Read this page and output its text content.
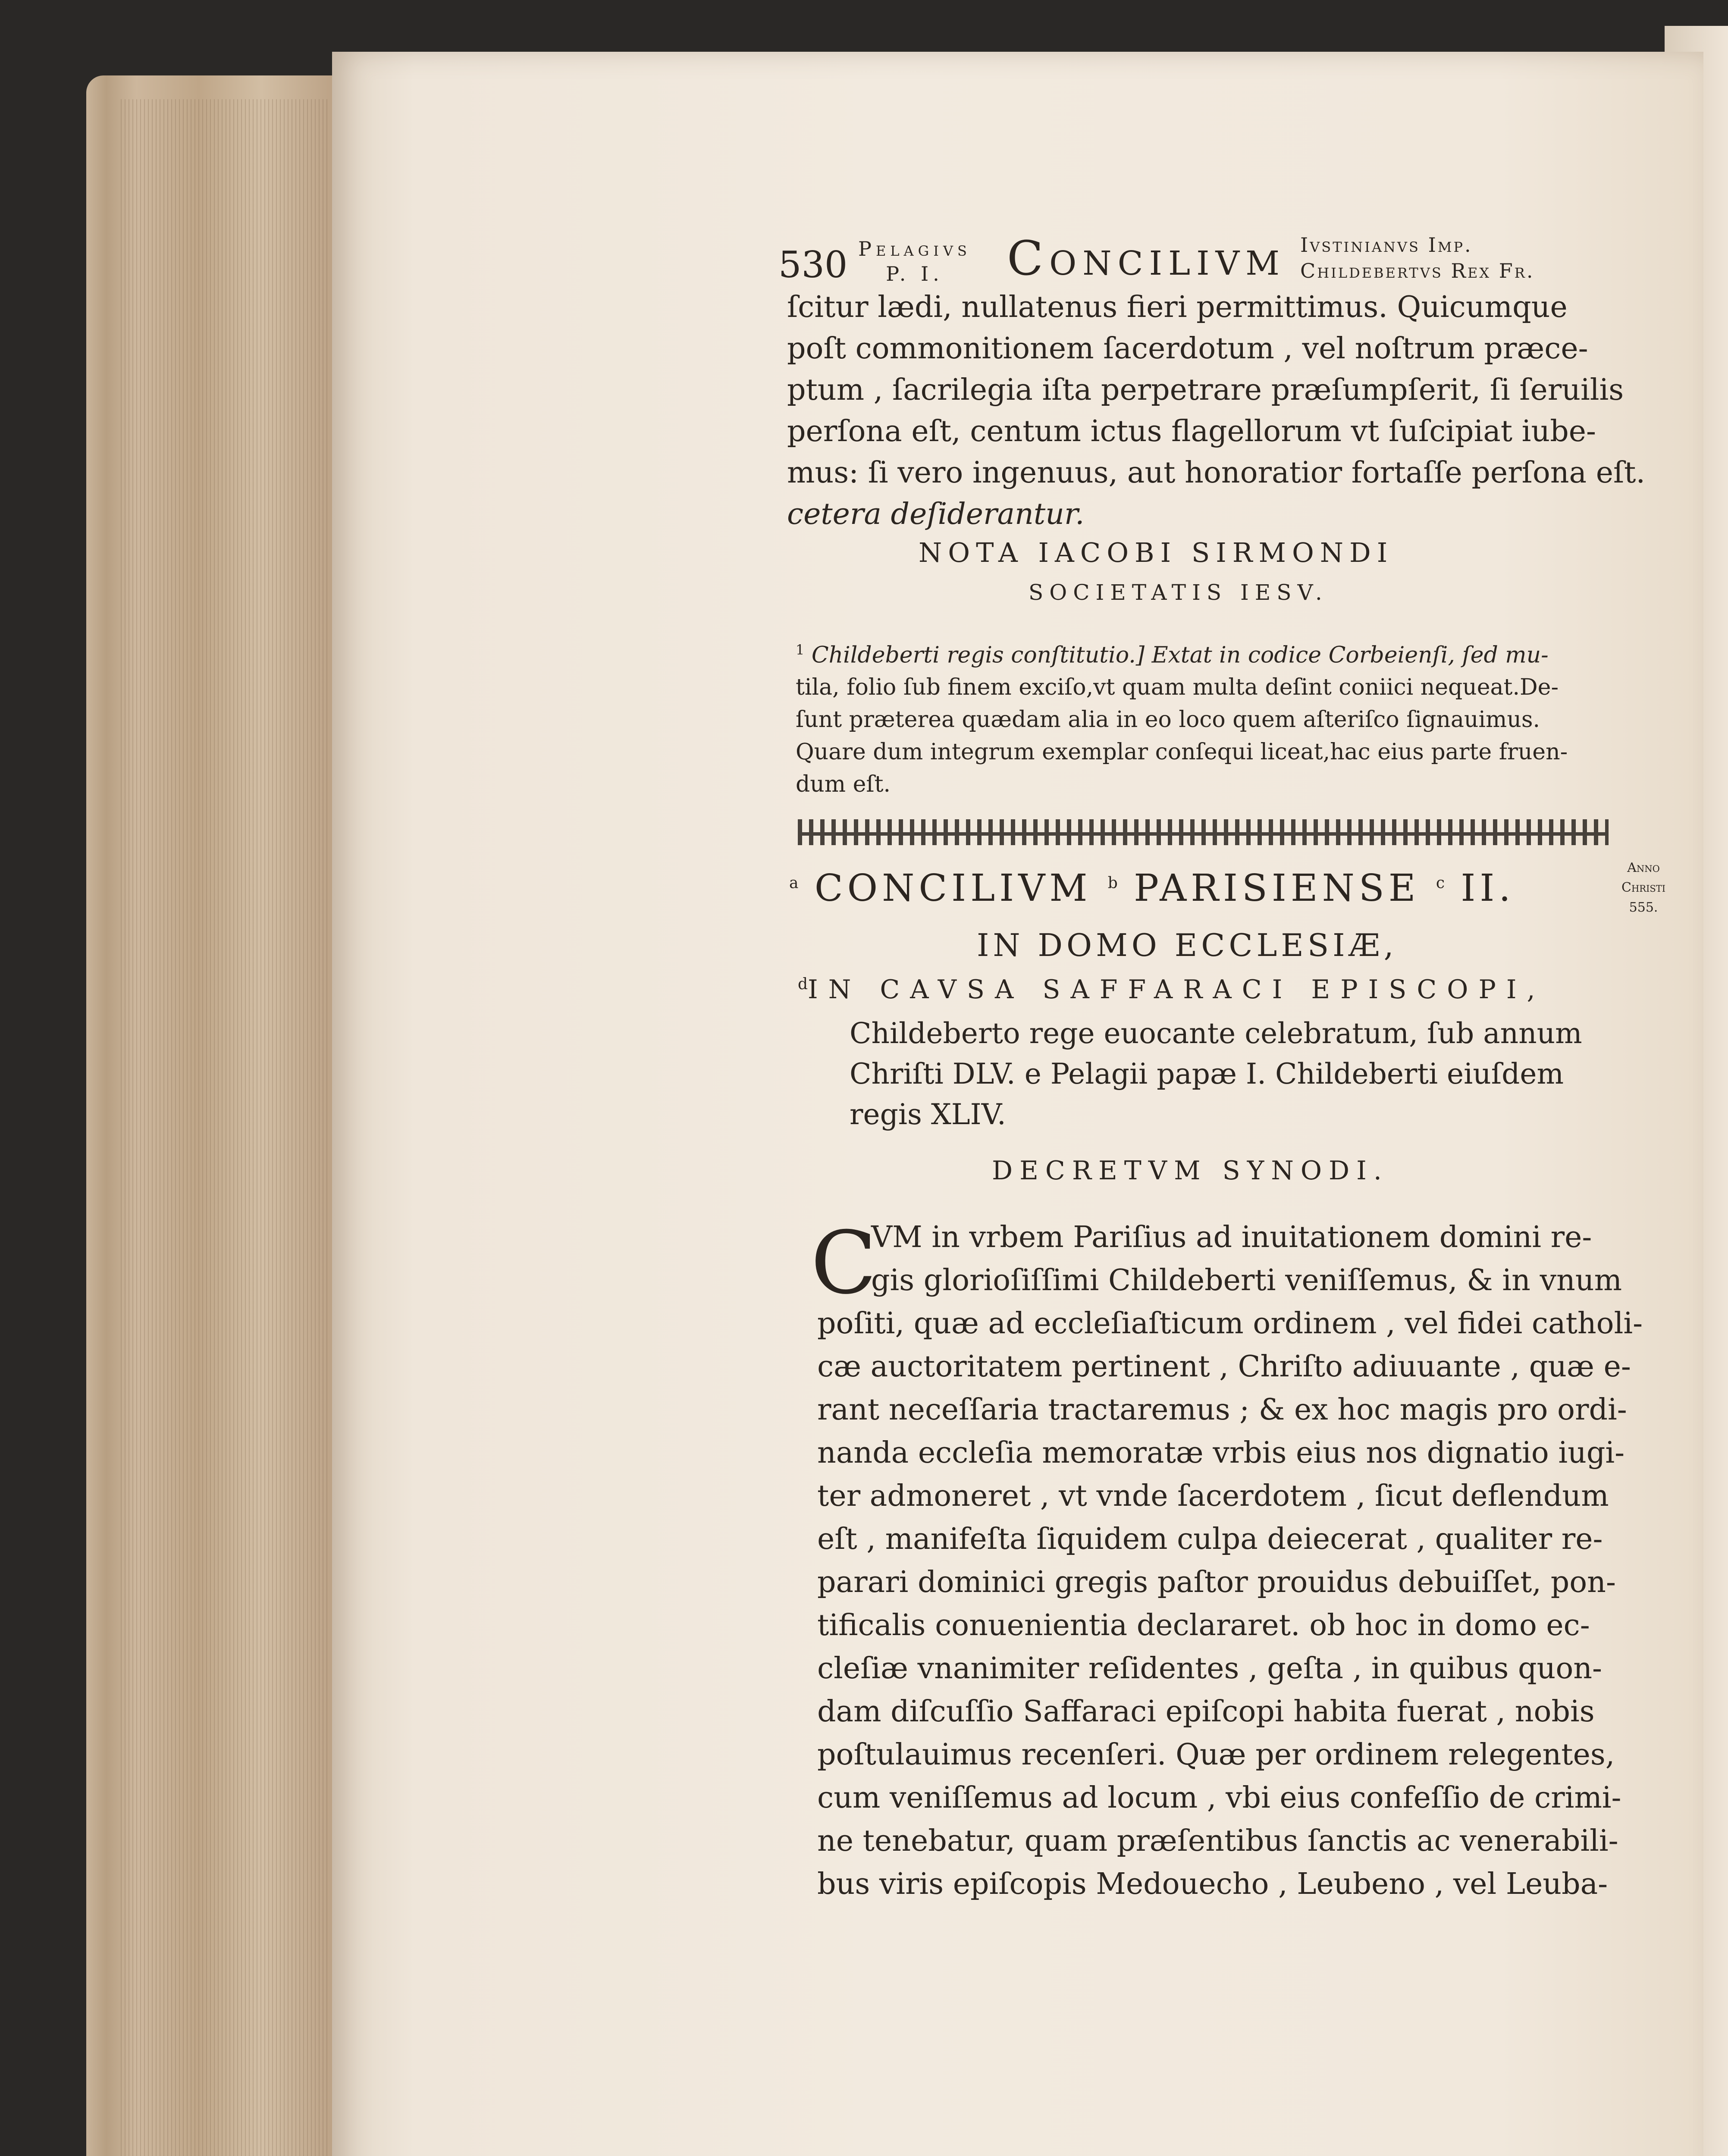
530 Pelagivs
P. I.	Concilivm Ivstinianvs Imp.
Childebertvs Rex Fr.
ſcitur lædi, nullatenus fieri permittimus. Quicumque
poſt commonitionem ſacerdotum , vel noſtrum præce-
ptum , ſacrilegia iſta perpetrare præſumpſerit, ſi ſeruilis
perſona eſt, centum ictus flagellorum vt ſuſcipiat iube-
mus: ſi vero ingenuus, aut honoratior fortaſſe perſona eſt.
cetera deſiderantur.
NOTA IACOBI SIRMONDI
SOCIETATIS IESV.
$^1$ Childeberti regis conſtitutio.] Extat in codice Corbeienſi, ſed mu-
tila, folio ſub finem exciſo,vt quam multa deſint coniici nequeat.De-
ſunt præterea quædam alia in eo loco quem aſteriſco ſignauimus.
Quare dum integrum exemplar conſequi liceat,hac eius parte fruen-
dum eſt.
$^a$ CONCILIVM $^b$ PARISIENSE $^c$ II.	Anno
Christi
555.
IN DOMO ECCLESIÆ,
$^d$IN CAVSA SAFFARACI EPISCOPI,
Childeberto rege euocante celebratum, ſub annum
Chriſti DLV. e Pelagii papæ I. Childeberti eiuſdem
regis XLIV.
DECRETVM SYNODI.
C
VM in vrbem Pariſius ad inuitationem domini re-
gis glorioſiſſimi Childeberti veniſſemus, & in vnum
poſiti, quæ ad eccleſiaſticum ordinem , vel fidei catholi-
cæ auctoritatem pertinent , Chriſto adiuuante , quæ e-
rant neceſſaria tractaremus ; & ex hoc magis pro ordi-
nanda eccleſia memoratæ vrbis eius nos dignatio iugi-
ter admoneret , vt vnde ſacerdotem , ſicut deflendum
eſt , manifeſta ſiquidem culpa deiecerat , qualiter re-
parari dominici gregis paſtor prouidus debuiſſet, pon-
tificalis conuenientia declararet. ob hoc in domo ec-
cleſiæ vnanimiter reſidentes , geſta , in quibus quon-
dam diſcuſſio Saffaraci epiſcopi habita fuerat , nobis
poſtulauimus recenſeri. Quæ per ordinem relegentes,
cum veniſſemus ad locum , vbi eius confeſſio de crimi-
ne tenebatur, quam præſentibus ſanctis ac venerabili-
bus viris epiſcopis Medouecho , Leubeno , vel Leuba-
